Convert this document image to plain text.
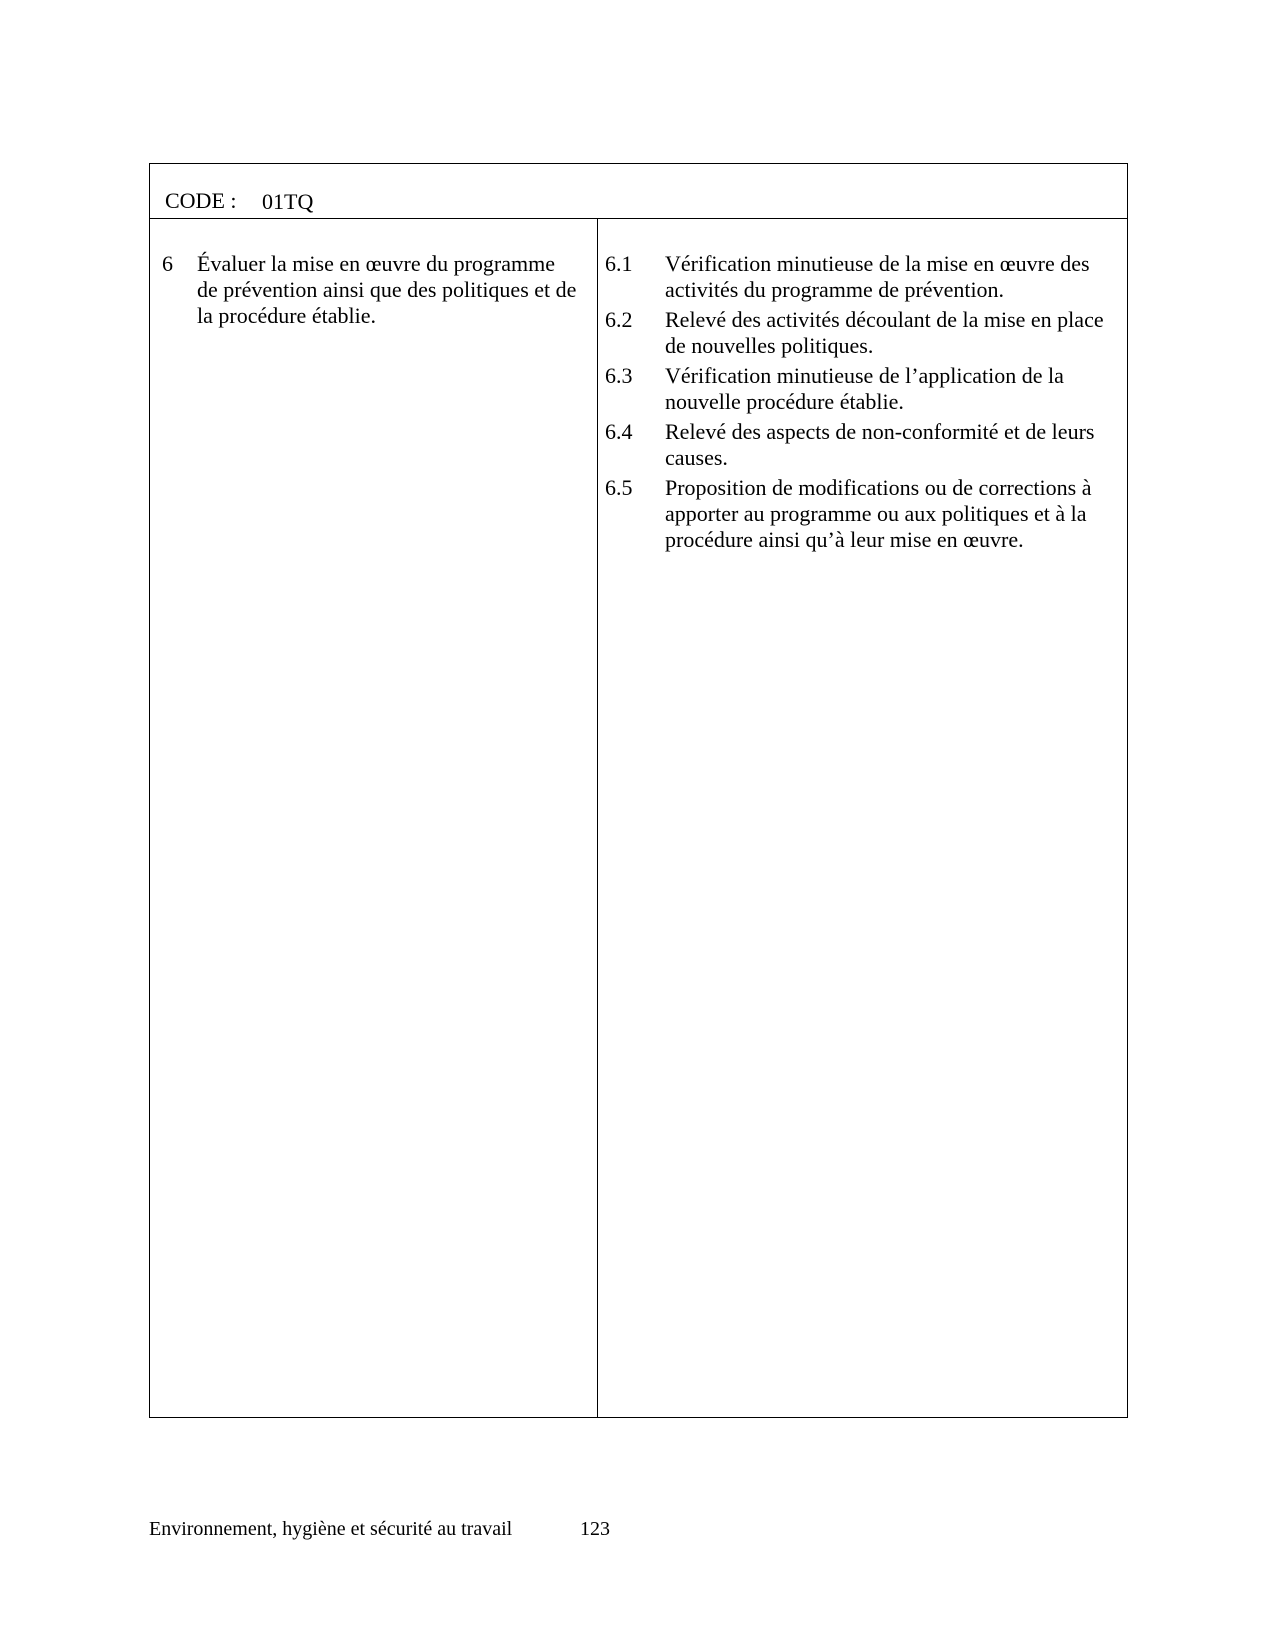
CODE : 01TQ
6	Évaluer la mise en œuvre du programme de prévention ainsi que des politiques et de la procédure établie.
6.1	Vérification minutieuse de la mise en œuvre des activités du programme de prévention.
6.2	Relevé des activités découlant de la mise en place de nouvelles politiques.
6.3	Vérification minutieuse de l’application de la nouvelle procédure établie.
6.4	Relevé des aspects de non-conformité et de leurs causes.
6.5	Proposition de modifications ou de corrections à apporter au programme ou aux politiques et à la procédure ainsi qu’à leur mise en œuvre.
Environnement, hygiène et sécurité au travail	123
